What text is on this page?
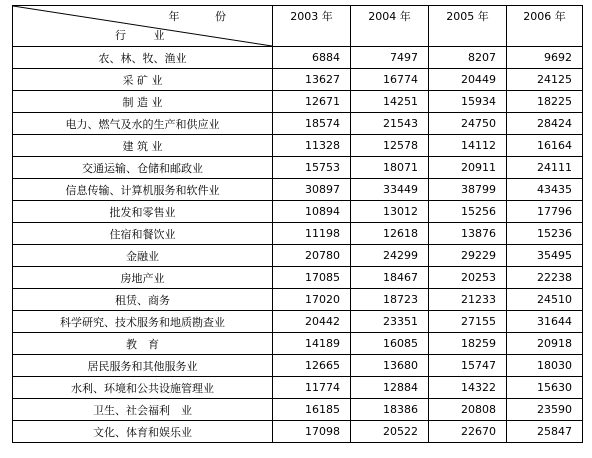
年 份
行 业	2003 年	2004 年	2005 年	2006 年
农、林、牧、渔业	6884	7497	8207	9692
采 矿 业	13627	16774	20449	24125
制 造 业	12671	14251	15934	18225
电力、燃气及水的生产和供应业	18574	21543	24750	28424
建 筑 业	11328	12578	14112	16164
交通运输、仓储和邮政业	15753	18071	20911	24111
信息传输、计算机服务和软件业	30897	33449	38799	43435
批发和零售业	10894	13012	15256	17796
住宿和餐饮业	11198	12618	13876	15236
金融业	20780	24299	29229	35495
房地产业	17085	18467	20253	22238
租赁、商务	17020	18723	21233	24510
科学研究、技术服务和地质勘查业	20442	23351	27155	31644
教　育	14189	16085	18259	20918
居民服务和其他服务业	12665	13680	15747	18030
水利、环境和公共设施管理业	11774	12884	14322	15630
卫生、社会福利　业	16185	18386	20808	23590
文化、体育和娱乐业	17098	20522	22670	25847
